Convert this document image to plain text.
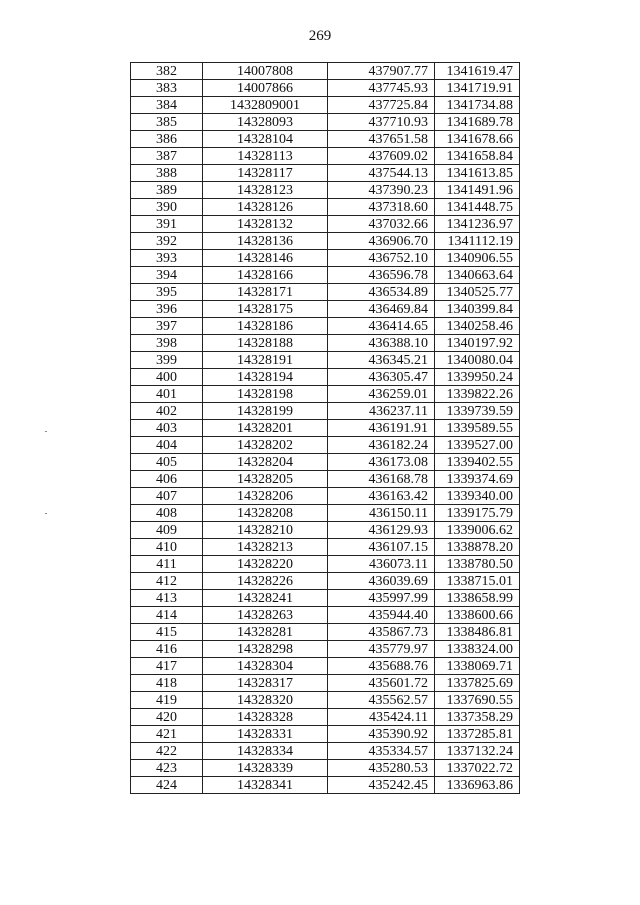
269
382	14007808	437907.77	1341619.47
383	14007866	437745.93	1341719.91
384	1432809001	437725.84	1341734.88
385	14328093	437710.93	1341689.78
386	14328104	437651.58	1341678.66
387	14328113	437609.02	1341658.84
388	14328117	437544.13	1341613.85
389	14328123	437390.23	1341491.96
390	14328126	437318.60	1341448.75
391	14328132	437032.66	1341236.97
392	14328136	436906.70	1341112.19
393	14328146	436752.10	1340906.55
394	14328166	436596.78	1340663.64
395	14328171	436534.89	1340525.77
396	14328175	436469.84	1340399.84
397	14328186	436414.65	1340258.46
398	14328188	436388.10	1340197.92
399	14328191	436345.21	1340080.04
400	14328194	436305.47	1339950.24
401	14328198	436259.01	1339822.26
402	14328199	436237.11	1339739.59
403	14328201	436191.91	1339589.55
404	14328202	436182.24	1339527.00
405	14328204	436173.08	1339402.55
406	14328205	436168.78	1339374.69
407	14328206	436163.42	1339340.00
408	14328208	436150.11	1339175.79
409	14328210	436129.93	1339006.62
410	14328213	436107.15	1338878.20
411	14328220	436073.11	1338780.50
412	14328226	436039.69	1338715.01
413	14328241	435997.99	1338658.99
414	14328263	435944.40	1338600.66
415	14328281	435867.73	1338486.81
416	14328298	435779.97	1338324.00
417	14328304	435688.76	1338069.71
418	14328317	435601.72	1337825.69
419	14328320	435562.57	1337690.55
420	14328328	435424.11	1337358.29
421	14328331	435390.92	1337285.81
422	14328334	435334.57	1337132.24
423	14328339	435280.53	1337022.72
424	14328341	435242.45	1336963.86
